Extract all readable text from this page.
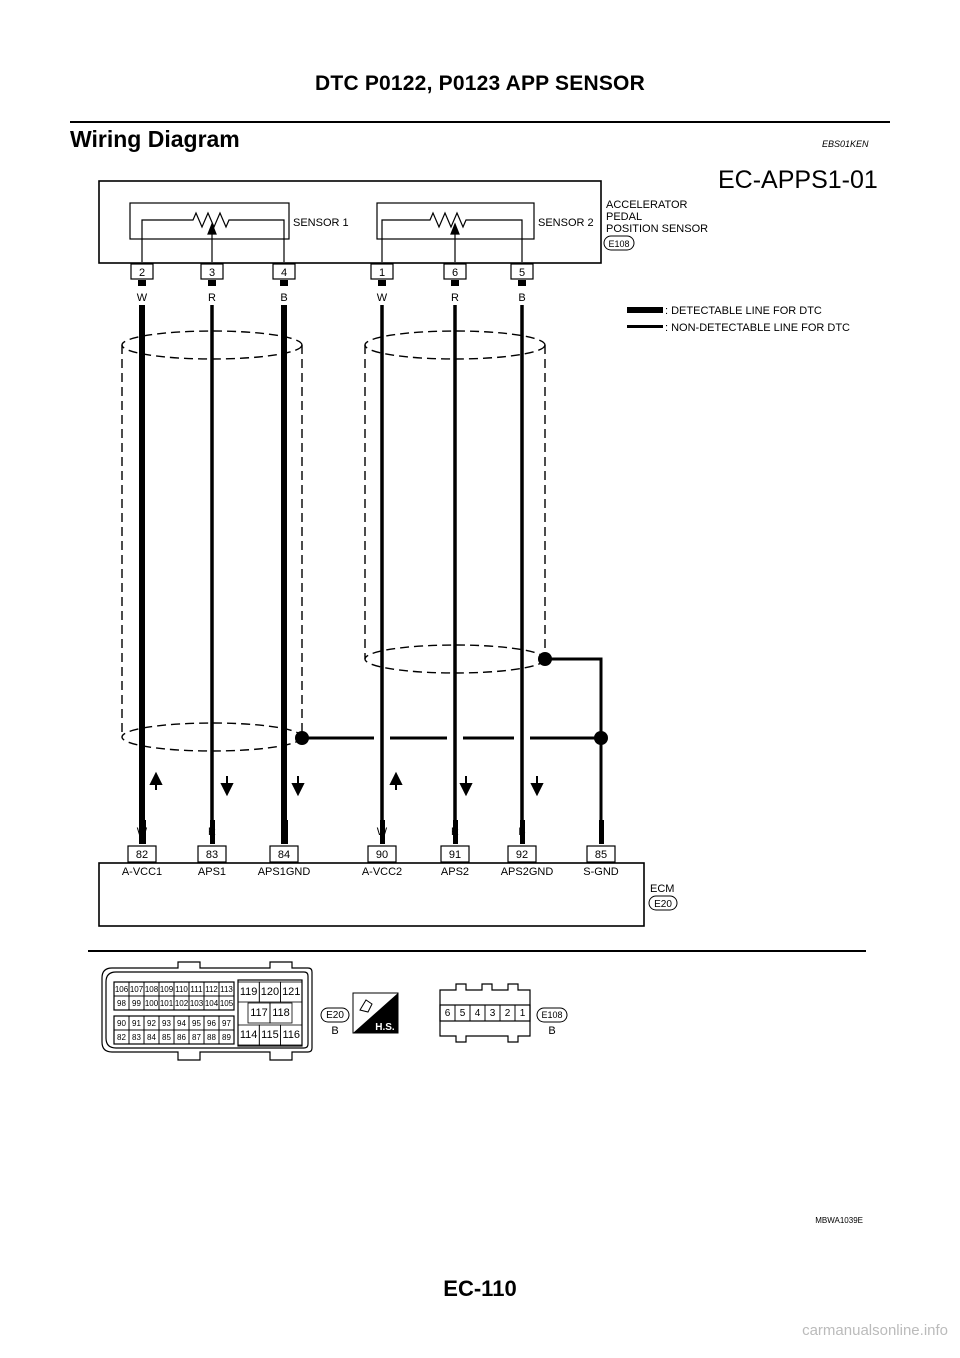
DTC P0122, P0123 APP SENSOR
Wiring Diagram	EBS01KEN
EC-APPS1-01
SENSOR 1	SENSOR 2
ACCELERATOR
PEDAL
POSITION SENSOR
E108
2	3	4	1	6	5
W	R	B	W	R	B
: DETECTABLE LINE FOR DTC
: NON-DETECTABLE LINE FOR DTC
W	R	B	W	R	B
82	83	84	90	91	92	85
A-VCC1	APS1	APS1GND	A-VCC2	APS2	APS2GND	S-GND
ECM
E20
106 107 108 109 110 111 112 113
98 99 100 101 102 103 104 105
90 91 92 93 94 95 96 97
82 83 84 85 86 87 88 89
119 120 121
117 118
114 115 116
E20
B	H.S.
6 5 4 3 2 1 E108
B
MBWA1039E
EC-110
carmanualsonline.info
